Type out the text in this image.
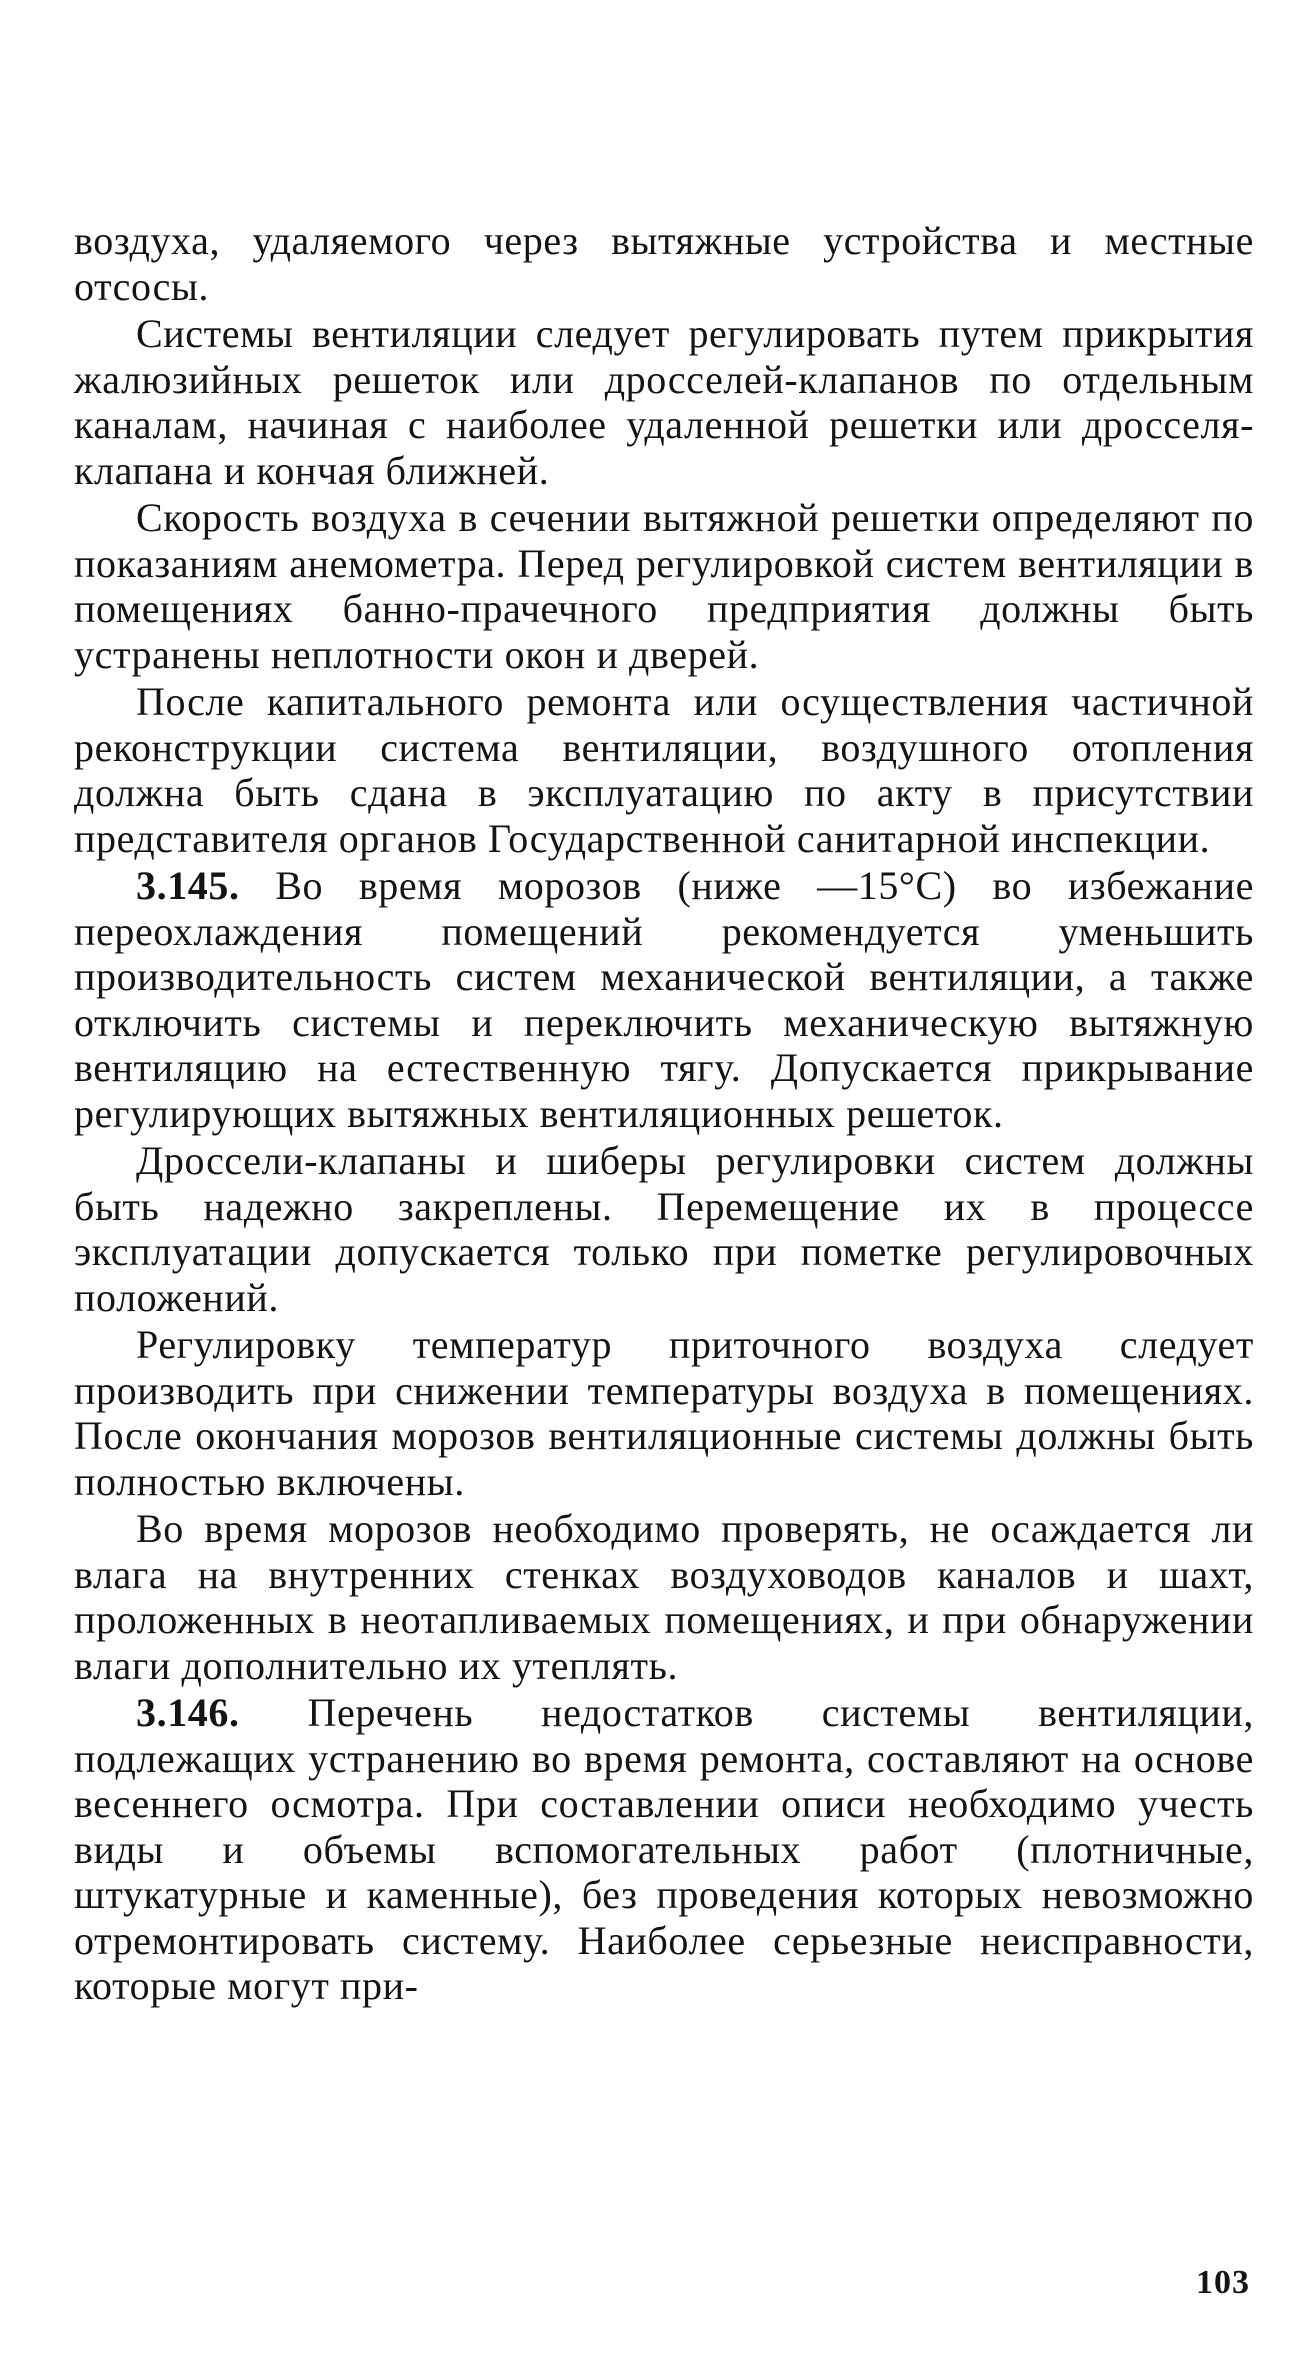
воздуха, удаляемого через вытяжные устройства и местные отсосы.

Системы вентиляции следует регулировать путем прикрытия жалюзийных решеток или дросселей-клапанов по отдельным каналам, начиная с наиболее удаленной решетки или дросселя-клапана и кончая ближней.

Скорость воздуха в сечении вытяжной решетки определяют по показаниям анемометра. Перед регулировкой систем вентиляции в помещениях банно-прачечного предприятия должны быть устранены неплотности окон и дверей.

После капитального ремонта или осуществления частичной реконструкции система вентиляции, воздушного отопления должна быть сдана в эксплуатацию по акту в присутствии представителя органов Государственной санитарной инспекции.

3.145. Во время морозов (ниже —15°С) во избежание переохлаждения помещений рекомендуется уменьшить производительность систем механической вентиляции, а также отключить системы и переключить механическую вытяжную вентиляцию на естественную тягу. Допускается прикрывание регулирующих вытяжных вентиляционных решеток.

Дроссели-клапаны и шиберы регулировки систем должны быть надежно закреплены. Перемещение их в процессе эксплуатации допускается только при пометке регулировочных положений.

Регулировку температур приточного воздуха следует производить при снижении температуры воздуха в помещениях. После окончания морозов вентиляционные системы должны быть полностью включены.

Во время морозов необходимо проверять, не осаждается ли влага на внутренних стенках воздуховодов каналов и шахт, проложенных в неотапливаемых помещениях, и при обнаружении влаги дополнительно их утеплять.

3.146. Перечень недостатков системы вентиляции, подлежащих устранению во время ремонта, составляют на основе весеннего осмотра. При составлении описи необходимо учесть виды и объемы вспомогательных работ (плотничные, штукатурные и каменные), без проведения которых невозможно отремонтировать систему. Наиболее серьезные неисправности, которые могут при-

103
